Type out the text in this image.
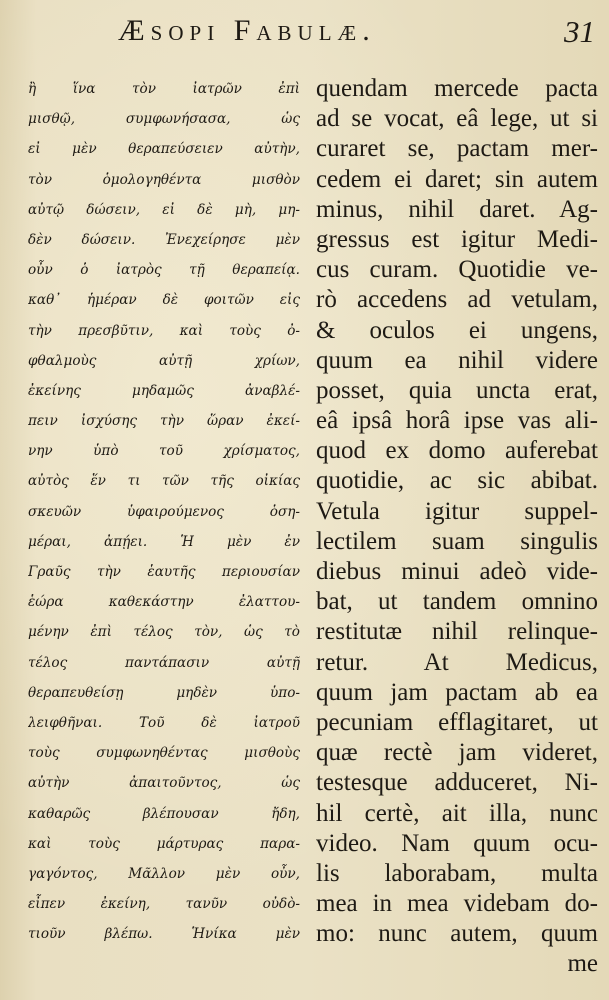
Æsopi Fabulæ.	31
ἢ ἵνα τὸν ἰατρῶν ἐπὶ
μισθῷ, συμφωνήσασα, ὡς
εἰ μὲν θεραπεύσειεν αὐτὴν,
τὸν ὁμολογηθέντα μισθὸν
αὐτῷ δώσειν, εἰ δὲ μὴ, μη-
δὲν δώσειν. Ἐνεχείρησε μὲν
οὖν ὁ ἰατρὸς τῇ θεραπείᾳ.
καθ᾽ ἡμέραν δὲ φοιτῶν εἰς
τὴν πρεσβῦτιν, καὶ τοὺς ὀ-
φθαλμοὺς αὐτῇ χρίων,
ἐκείνης μηδαμῶς ἀναβλέ-
πειν ἰσχύσης τὴν ὥραν ἐκεί-
νην ὑπὸ τοῦ χρίσματος,
αὐτὸς ἕν τι τῶν τῆς οἰκίας
σκευῶν ὑφαιρούμενος ὁση-
μέραι, ἀπῄει. Ἡ μὲν ἐν
Γραῦς τὴν ἑαυτῆς περιουσίαν
ἑώρα καθεκάστην ἐλαττου-
μένην ἐπὶ τέλος τὸν, ὡς τὸ
τέλος παντάπασιν αὐτῇ
θεραπευθείσῃ μηδὲν ὑπο-
λειφθῆναι. Τοῦ δὲ ἰατροῦ
τοὺς συμφωνηθέντας μισθοὺς
αὐτὴν ἀπαιτοῦντος, ὡς
καθαρῶς βλέπουσαν ἤδη,
καὶ τοὺς μάρτυρας παρα-
γαγόντος, Μᾶλλον μὲν οὖν,
εἶπεν ἐκείνη, τανῦν οὐδὸ-
τιοῦν βλέπω. Ἡνίκα μὲν
quendam mercede pacta
ad se vocat, eâ lege, ut si
curaret se, pactam mer-
cedem ei daret; sin autem
minus, nihil daret. Ag-
gressus est igitur Medi-
cus curam. Quotidie ve-
rò accedens ad vetulam,
& oculos ei ungens,
quum ea nihil videre
posset, quia uncta erat,
eâ ipsâ horâ ipse vas ali-
quod ex domo auferebat
quotidie, ac sic abibat.
Vetula igitur suppel-
lectilem suam singulis
diebus minui adeò vide-
bat, ut tandem omnino
restitutæ nihil relinque-
retur. At Medicus,
quum jam pactam ab ea
pecuniam efflagitaret, ut
quæ rectè jam videret,
testesque adduceret, Ni-
hil certè, ait illa, nunc
video. Nam quum ocu-
lis laborabam, multa
mea in mea videbam do-
mo: nunc autem, quum
me
